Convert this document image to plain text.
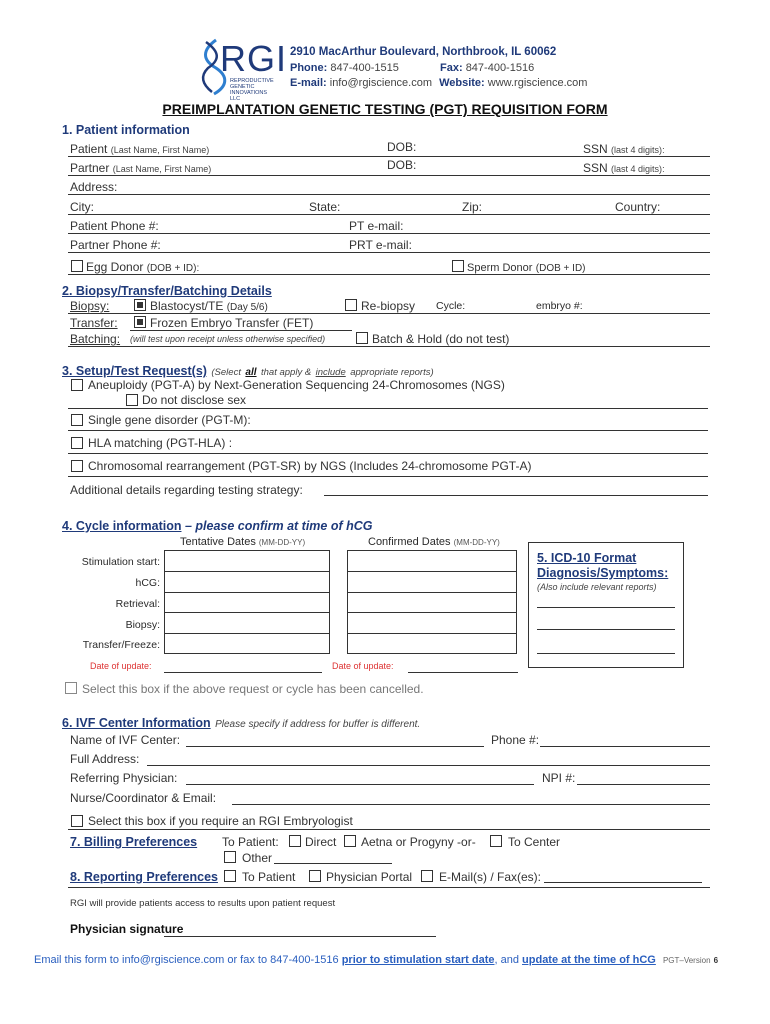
RGI
REPRODUCTIVE GENETIC INNOVATIONS LLC
2910 MacArthur Boulevard, Northbrook, IL 60062
Phone: 847-400-1515	Fax: 847-400-1516
E-mail: info@rgiscience.com Website: www.rgiscience.com
PREIMPLANTATION GENETIC TESTING (PGT) REQUISITION FORM
1. Patient information
Patient (Last Name, First Name)	DOB:	SSN (last 4 digits):
Partner (Last Name, First Name)	DOB:	SSN (last 4 digits):
Address:
City:	State:	Zip:	Country:
Patient Phone #:	PT e-mail:
Partner Phone #:	PRT e-mail:
Egg Donor (DOB + ID):	Sperm Donor (DOB + ID)
2. Biopsy/Transfer/Batching Details
Biopsy:	Blastocyst/TE (Day 5/6)	Re-biopsy Cycle:	embryo #:
Transfer:	Frozen Embryo Transfer (FET)
Batching: (will test upon receipt unless otherwise specified)	Batch & Hold (do not test)
3. Setup/Test Request(s) (Select all that apply & include appropriate reports)
Aneuploidy (PGT-A) by Next-Generation Sequencing 24-Chromosomes (NGS)
Do not disclose sex
Single gene disorder (PGT-M):
HLA matching (PGT-HLA) :
Chromosomal rearrangement (PGT-SR) by NGS (Includes 24-chromosome PGT-A)
Additional details regarding testing strategy:
4. Cycle information – please confirm at time of hCG
Tentative Dates (MM-DD-YY)	Confirmed Dates (MM-DD-YY)
Stimulation start:
hCG:
Retrieval:
Biopsy:
Transfer/Freeze:
Date of update:	Date of update:
5. ICD-10 Format
Diagnosis/Symptoms:
(Also include relevant reports)
Select this box if the above request or cycle has been cancelled.
6. IVF Center Information Please specify if address for buffer is different.
Name of IVF Center:	Phone #:
Full Address:
Referring Physician:	NPI #:
Nurse/Coordinator & Email:
Select this box if you require an RGI Embryologist
7. Billing Preferences To Patient: Direct Aetna or Progyny -or-	To Center
Other
8. Reporting Preferences To Patient	Physician Portal E-Mail(s) / Fax(es):
RGI will provide patients access to results upon patient request
Physician signature
Email this form to info@rgiscience.com or fax to 847-400-1516 prior to stimulation start date, and update at the time of hCG PGT–Version 6
